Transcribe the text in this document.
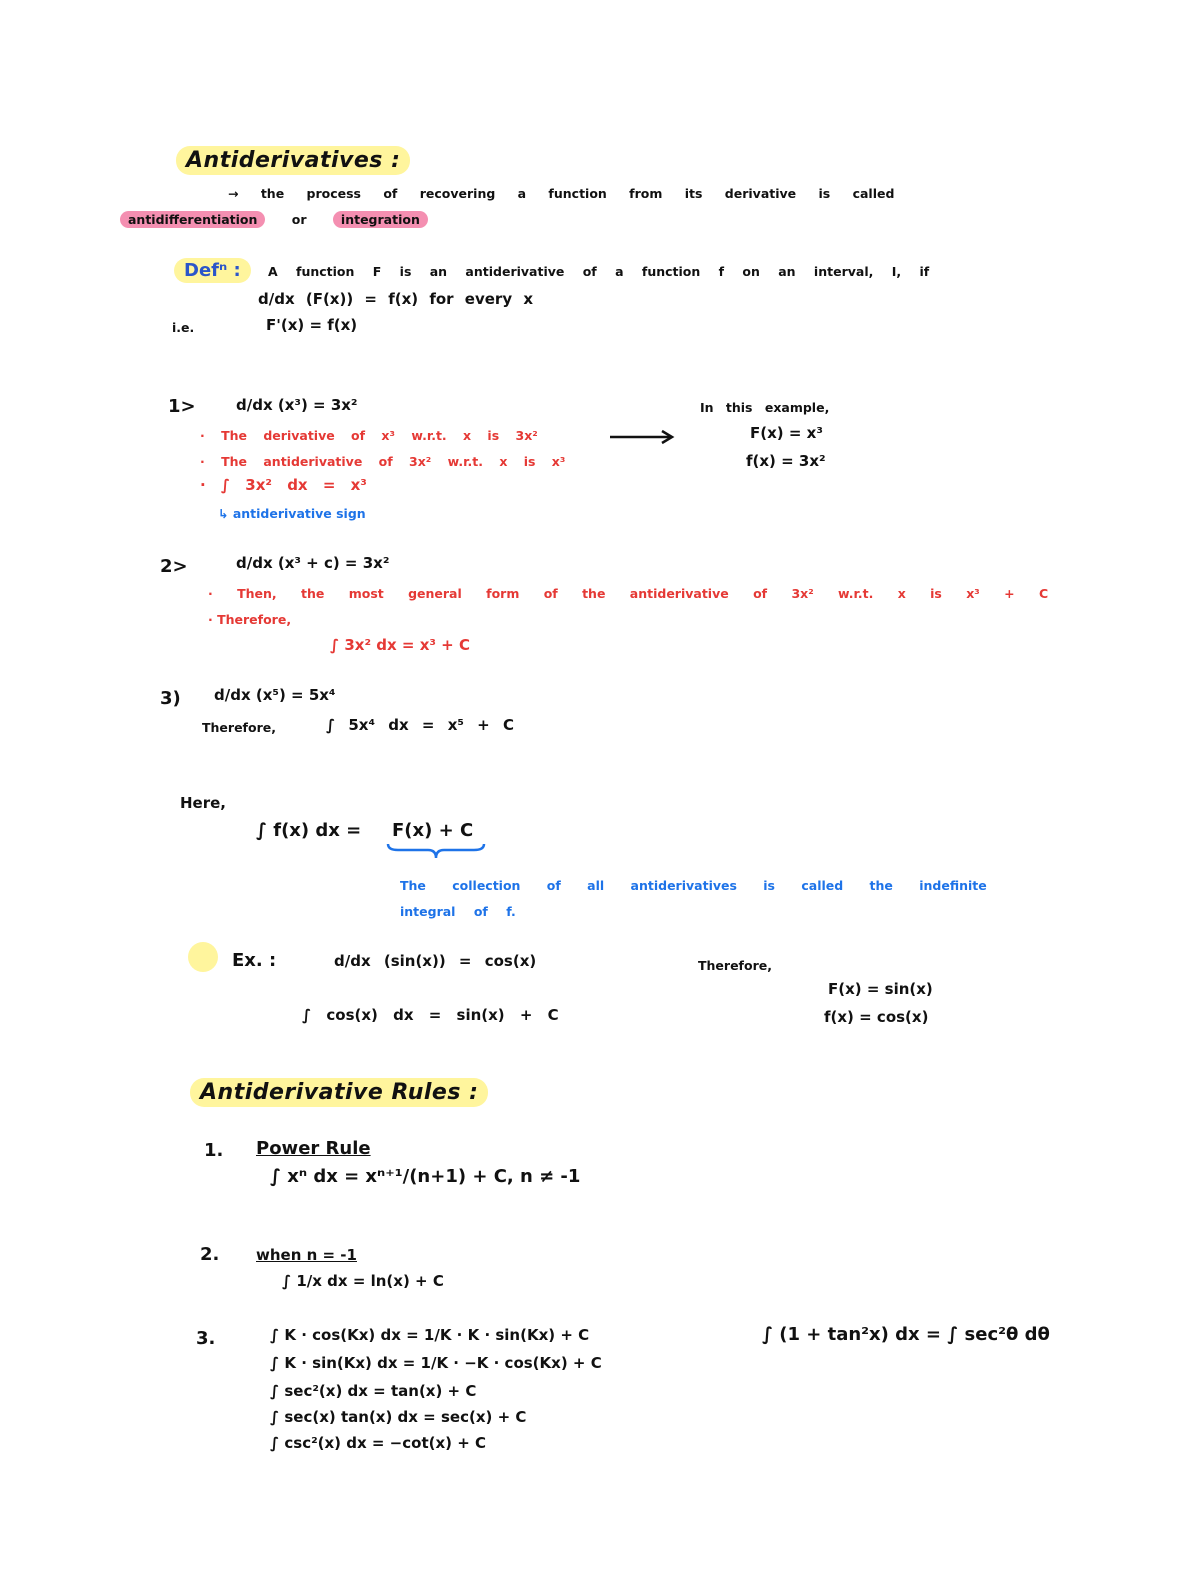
Antiderivatives :
→ the process of recovering a function from its derivative is called
antidifferentiation	or	integration
Defⁿ :	A function F is an antiderivative of a function f on an interval, I, if
d/dx (F(x)) = f(x) for every x
i.e.	F'(x) = f(x)
1>	d/dx (x³) = 3x²
· The derivative of x³ w.r.t. x is 3x²
· The antiderivative of 3x² w.r.t. x is x³
· ∫ 3x² dx = x³
↳ antiderivative sign
In this example,
F(x) = x³
f(x) = 3x²
2>	d/dx (x³ + c) = 3x²
· Then, the most general form of the antiderivative of 3x² w.r.t. x is x³ + C
· Therefore,
∫ 3x² dx = x³ + C
3) d/dx (x⁵) = 5x⁴
Therefore,	∫ 5x⁴ dx = x⁵ + C
Here,
∫ f(x) dx = F(x) + C
The collection of all antiderivatives is called the indefinite
integral of f.
Ex. :	d/dx (sin(x)) = cos(x)	Therefore,
∫ cos(x) dx = sin(x) + C
F(x) = sin(x)
f(x) = cos(x)
Antiderivative Rules :
1. Power Rule
∫ xⁿ dx = xⁿ⁺¹/(n+1) + C, n ≠ -1
2. when n = -1
∫ 1/x dx = ln(x) + C
3.	∫ K · cos(Kx) dx = 1/K · K · sin(Kx) + C
∫ K · sin(Kx) dx = 1/K · −K · cos(Kx) + C
∫ sec²(x) dx = tan(x) + C
∫ sec(x) tan(x) dx = sec(x) + C
∫ csc²(x) dx = −cot(x) + C
∫ (1 + tan²x) dx = ∫ sec²θ dθ
